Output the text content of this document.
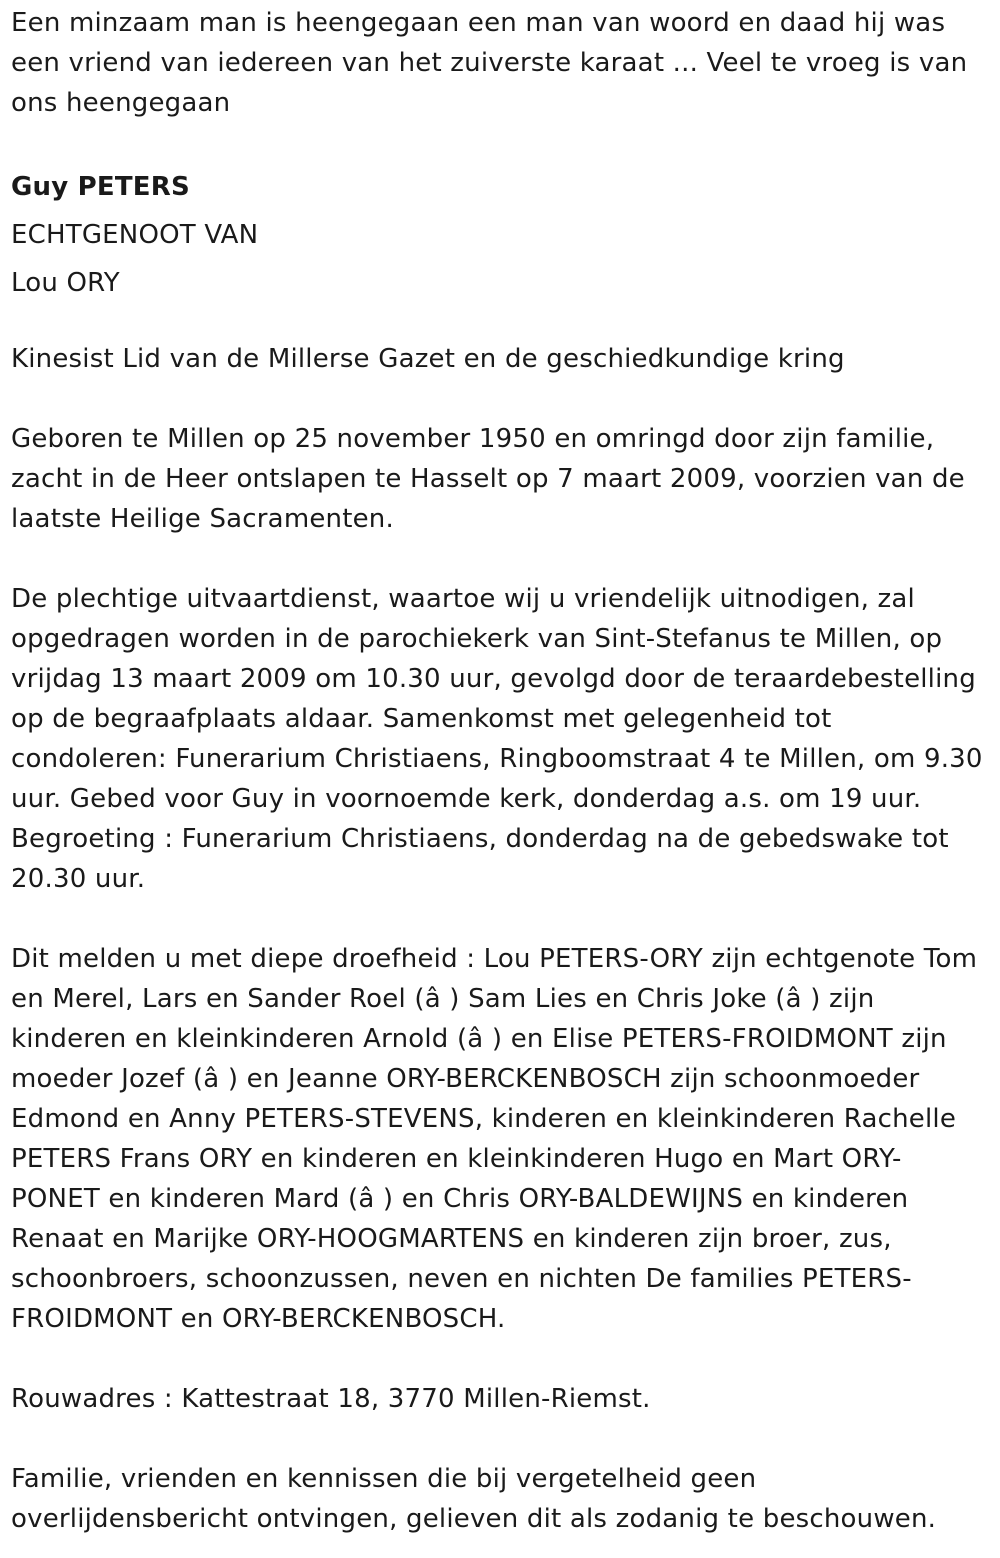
Een minzaam man is heengegaan een man van woord en daad hij was een vriend van iedereen van het zuiverste karaat ... Veel te vroeg is van ons heengegaan

Guy PETERS

ECHTGENOOT VAN

Lou ORY

Kinesist Lid van de Millerse Gazet en de geschiedkundige kring

Geboren te Millen op 25 november 1950 en omringd door zijn familie, zacht in de Heer ontslapen te Hasselt op 7 maart 2009, voorzien van de laatste Heilige Sacramenten.

De plechtige uitvaartdienst, waartoe wij u vriendelijk uitnodigen, zal opgedragen worden in de parochiekerk van Sint-Stefanus te Millen, op vrijdag 13 maart 2009 om 10.30 uur, gevolgd door de teraardebestelling op de begraafplaats aldaar. Samenkomst met gelegenheid tot condoleren: Funerarium Christiaens, Ringboomstraat 4 te Millen, om 9.30 uur. Gebed voor Guy in voornoemde kerk, donderdag a.s. om 19 uur. Begroeting : Funerarium Christiaens, donderdag na de gebedswake tot 20.30 uur.

Dit melden u met diepe droefheid : Lou PETERS-ORY zijn echtgenote Tom en Merel, Lars en Sander Roel (â ) Sam Lies en Chris Joke (â ) zijn kinderen en kleinkinderen Arnold (â ) en Elise PETERS-FROIDMONT zijn moeder Jozef (â ) en Jeanne ORY-BERCKENBOSCH zijn schoonmoeder Edmond en Anny PETERS-STEVENS, kinderen en kleinkinderen Rachelle PETERS Frans ORY en kinderen en kleinkinderen Hugo en Mart ORY-PONET en kinderen Mard (â ) en Chris ORY-BALDEWIJNS en kinderen Renaat en Marijke ORY-HOOGMARTENS en kinderen zijn broer, zus, schoonbroers, schoonzussen, neven en nichten De families PETERS-FROIDMONT en ORY-BERCKENBOSCH.

Rouwadres : Kattestraat 18, 3770 Millen-Riemst.

Familie, vrienden en kennissen die bij vergetelheid geen overlijdensbericht ontvingen, gelieven dit als zodanig te beschouwen.
